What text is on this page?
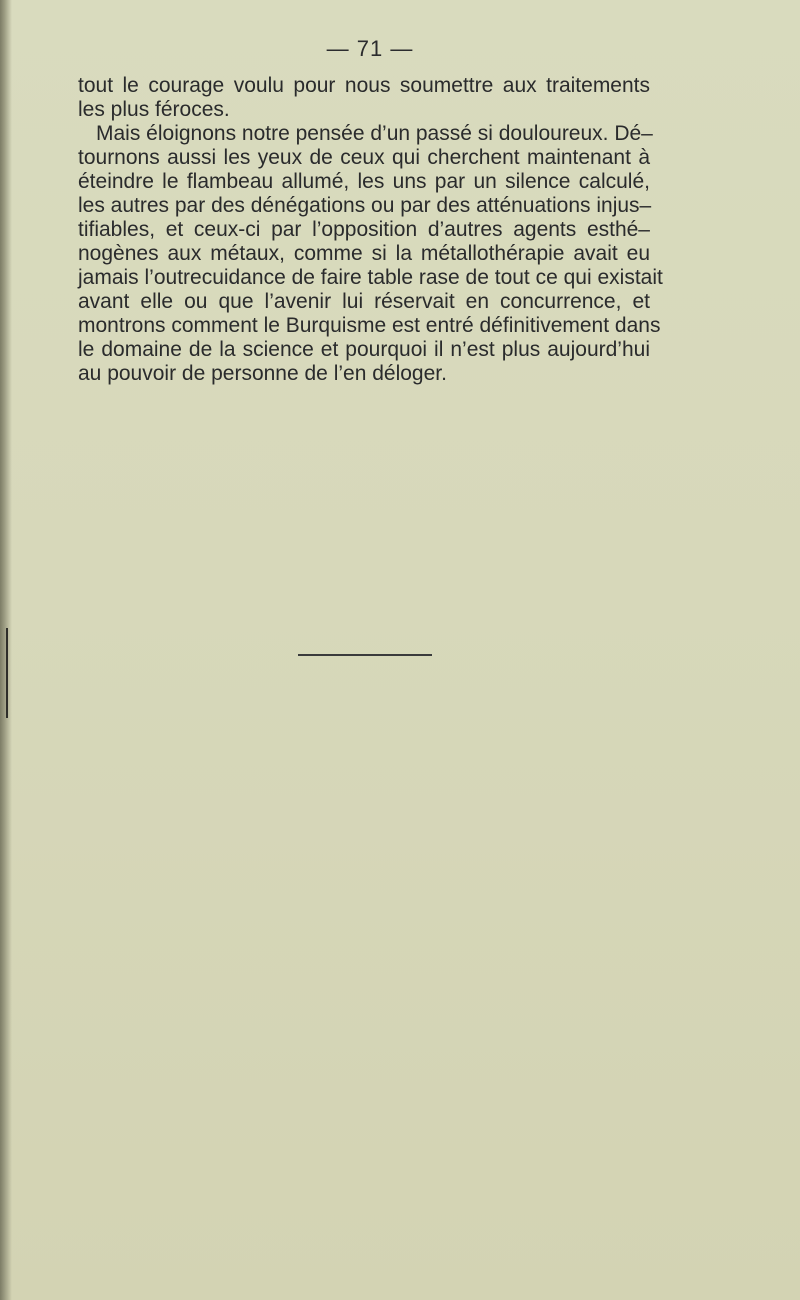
— 71 —
tout le courage voulu pour nous soumettre aux traitements
les plus féroces.
Mais éloignons notre pensée d’un passé si douloureux. Dé–
tournons aussi les yeux de ceux qui cherchent maintenant à
éteindre le flambeau allumé, les uns par un silence calculé,
les autres par des dénégations ou par des atténuations injus–
tifiables, et ceux-ci par l’opposition d’autres agents esthé–
nogènes aux métaux, comme si la métallothérapie avait eu
jamais l’outrecuidance de faire table rase de tout ce qui existait
avant elle ou que l’avenir lui réservait en concurrence, et
montrons comment le Burquisme est entré définitivement dans
le domaine de la science et pourquoi il n’est plus aujourd’hui
au pouvoir de personne de l’en déloger.
